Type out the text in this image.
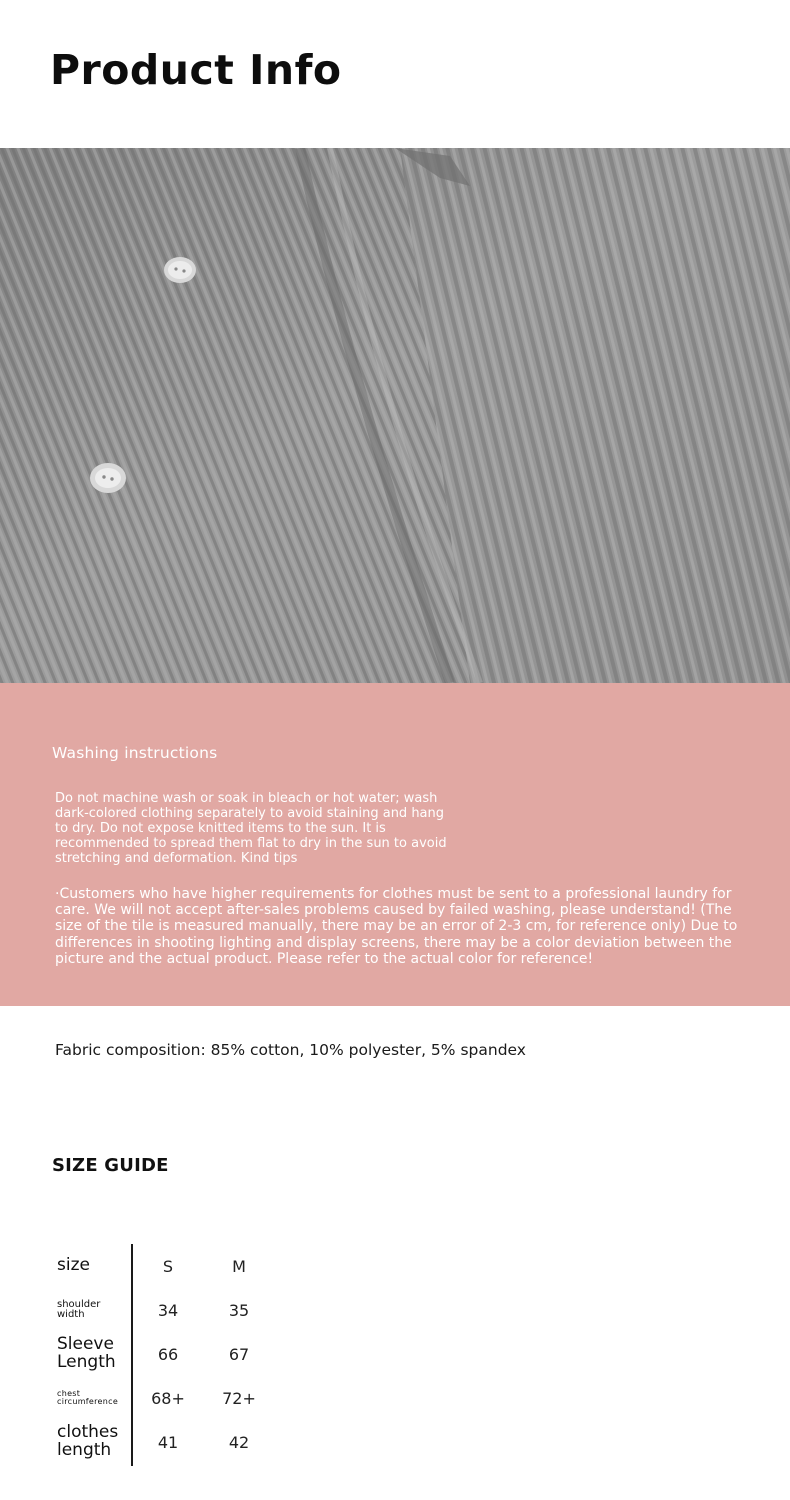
Product Info
Washing instructions
Do not machine wash or soak in bleach or hot water; wash dark-colored clothing separately to avoid staining and hang to dry. Do not expose knitted items to the sun. It is recommended to spread them flat to dry in the sun to avoid stretching and deformation. Kind tips
·Customers who have higher requirements for clothes must be sent to a professional laundry for care. We will not accept after-sales problems caused by failed washing, please understand! (The size of the tile is measured manually, there may be an error of 2-3 cm, for reference only) Due to differences in shooting lighting and display screens, there may be a color deviation between the picture and the actual product. Please refer to the actual color for reference!
Fabric composition: 85% cotton, 10% polyester, 5% spandex
SIZE GUIDE
size	S	M
shoulder width	34	35
Sleeve Length	66	67
chest circumference	68+	72+
clothes length	41	42
